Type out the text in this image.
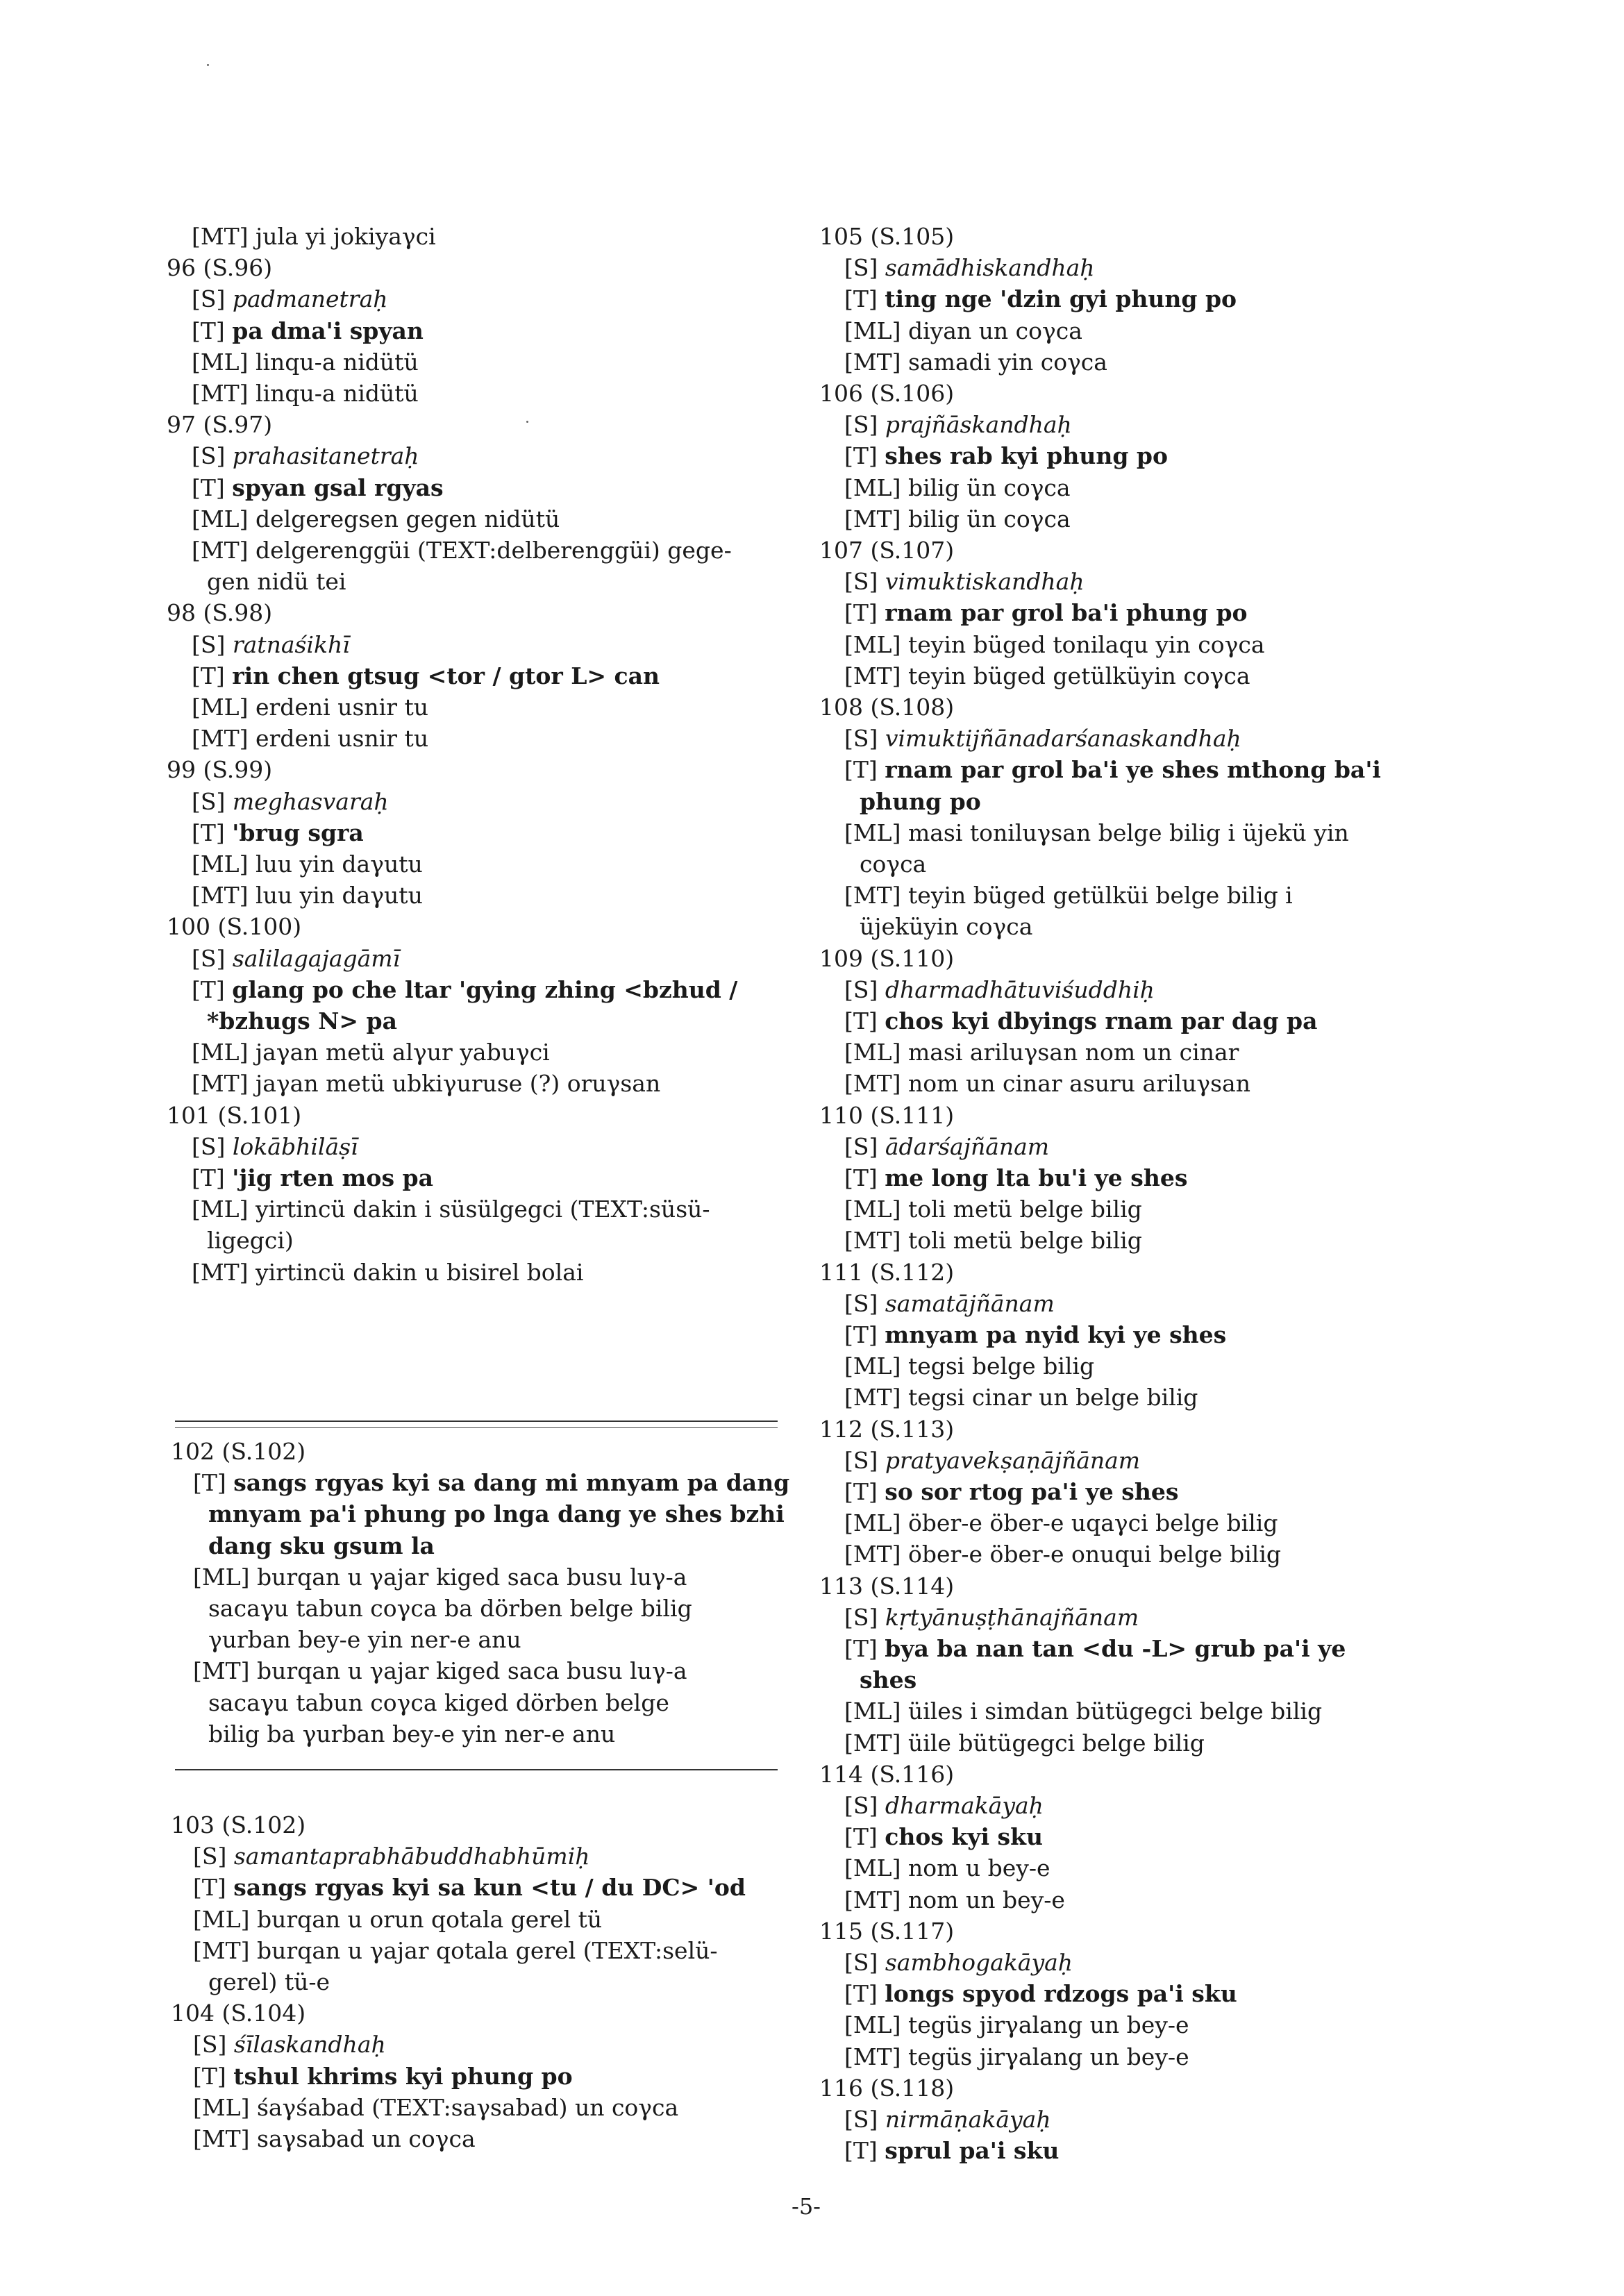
[MT] jula yi jokiyaγci
96 (S.96)
[S] padmanetraḥ
[T] pa dma'i spyan
[ML] linqu-a nidütü
[MT] linqu-a nidütü
97 (S.97)
[S] prahasitanetraḥ
[T] spyan gsal rgyas
[ML] delgeregsen gegen nidütü
[MT] delgerenggüi (TEXT:delberenggüi) gege-
gen nidü tei
98 (S.98)
[S] ratnaśikhī
[T] rin chen gtsug <tor / gtor L> can
[ML] erdeni usnir tu
[MT] erdeni usnir tu
99 (S.99)
[S] meghasvaraḥ
[T] 'brug sgra
[ML] luu yin daγutu
[MT] luu yin daγutu
100 (S.100)
[S] salilagajagāmī
[T] glang po che ltar 'gying zhing <bzhud /
*bzhugs N> pa
[ML] jaγan metü alγur yabuγci
[MT] jaγan metü ubkiγuruse (?) oruγsan
101 (S.101)
[S] lokābhilāṣī
[T] 'jig rten mos pa
[ML] yirtincü dakin i süsülgegci (TEXT:süsü-
ligegci)
[MT] yirtincü dakin u bisirel bolai
102 (S.102)
[T] sangs rgyas kyi sa dang mi mnyam pa dang
mnyam pa'i phung po lnga dang ye shes bzhi
dang sku gsum la
[ML] burqan u γajar kiged saca busu luγ-a
sacaγu tabun coγca ba dörben belge bilig
γurban bey-e yin ner-e anu
[MT] burqan u γajar kiged saca busu luγ-a
sacaγu tabun coγca kiged dörben belge
bilig ba γurban bey-e yin ner-e anu
103 (S.102)
[S] samantaprabhābuddhabhūmiḥ
[T] sangs rgyas kyi sa kun <tu / du DC> 'od
[ML] burqan u orun qotala gerel tü
[MT] burqan u γajar qotala gerel (TEXT:selü-
gerel) tü-e
104 (S.104)
[S] śīlaskandhaḥ
[T] tshul khrims kyi phung po
[ML] śaγśabad (TEXT:saγsabad) un coγca
[MT] saγsabad un coγca
105 (S.105)
[S] samādhiskandhaḥ
[T] ting nge 'dzin gyi phung po
[ML] diyan un coγca
[MT] samadi yin coγca
106 (S.106)
[S] prajñāskandhaḥ
[T] shes rab kyi phung po
[ML] bilig ün coγca
[MT] bilig ün coγca
107 (S.107)
[S] vimuktiskandhaḥ
[T] rnam par grol ba'i phung po
[ML] teyin büged tonilaqu yin coγca
[MT] teyin büged getülküyin coγca
108 (S.108)
[S] vimuktijñānadarśanaskandhaḥ
[T] rnam par grol ba'i ye shes mthong ba'i
phung po
[ML] masi toniluγsan belge bilig i üjekü yin
coγca
[MT] teyin büged getülküi belge bilig i
üjeküyin coγca
109 (S.110)
[S] dharmadhātuviśuddhiḥ
[T] chos kyi dbyings rnam par dag pa
[ML] masi ariluγsan nom un cinar
[MT] nom un cinar asuru ariluγsan
110 (S.111)
[S] ādarśajñānam
[T] me long lta bu'i ye shes
[ML] toli metü belge bilig
[MT] toli metü belge bilig
111 (S.112)
[S] samatājñānam
[T] mnyam pa nyid kyi ye shes
[ML] tegsi belge bilig
[MT] tegsi cinar un belge bilig
112 (S.113)
[S] pratyavekṣaṇājñānam
[T] so sor rtog pa'i ye shes
[ML] öber-e öber-e uqaγci belge bilig
[MT] öber-e öber-e onuqui belge bilig
113 (S.114)
[S] kṛtyānuṣṭhānajñānam
[T] bya ba nan tan <du -L> grub pa'i ye
shes
[ML] üiles i simdan bütügegci belge bilig
[MT] üile bütügegci belge bilig
114 (S.116)
[S] dharmakāyaḥ
[T] chos kyi sku
[ML] nom u bey-e
[MT] nom un bey-e
115 (S.117)
[S] sambhogakāyaḥ
[T] longs spyod rdzogs pa'i sku
[ML] tegüs jirγalang un bey-e
[MT] tegüs jirγalang un bey-e
116 (S.118)
[S] nirmāṇakāyaḥ
[T] sprul pa'i sku
-5-
